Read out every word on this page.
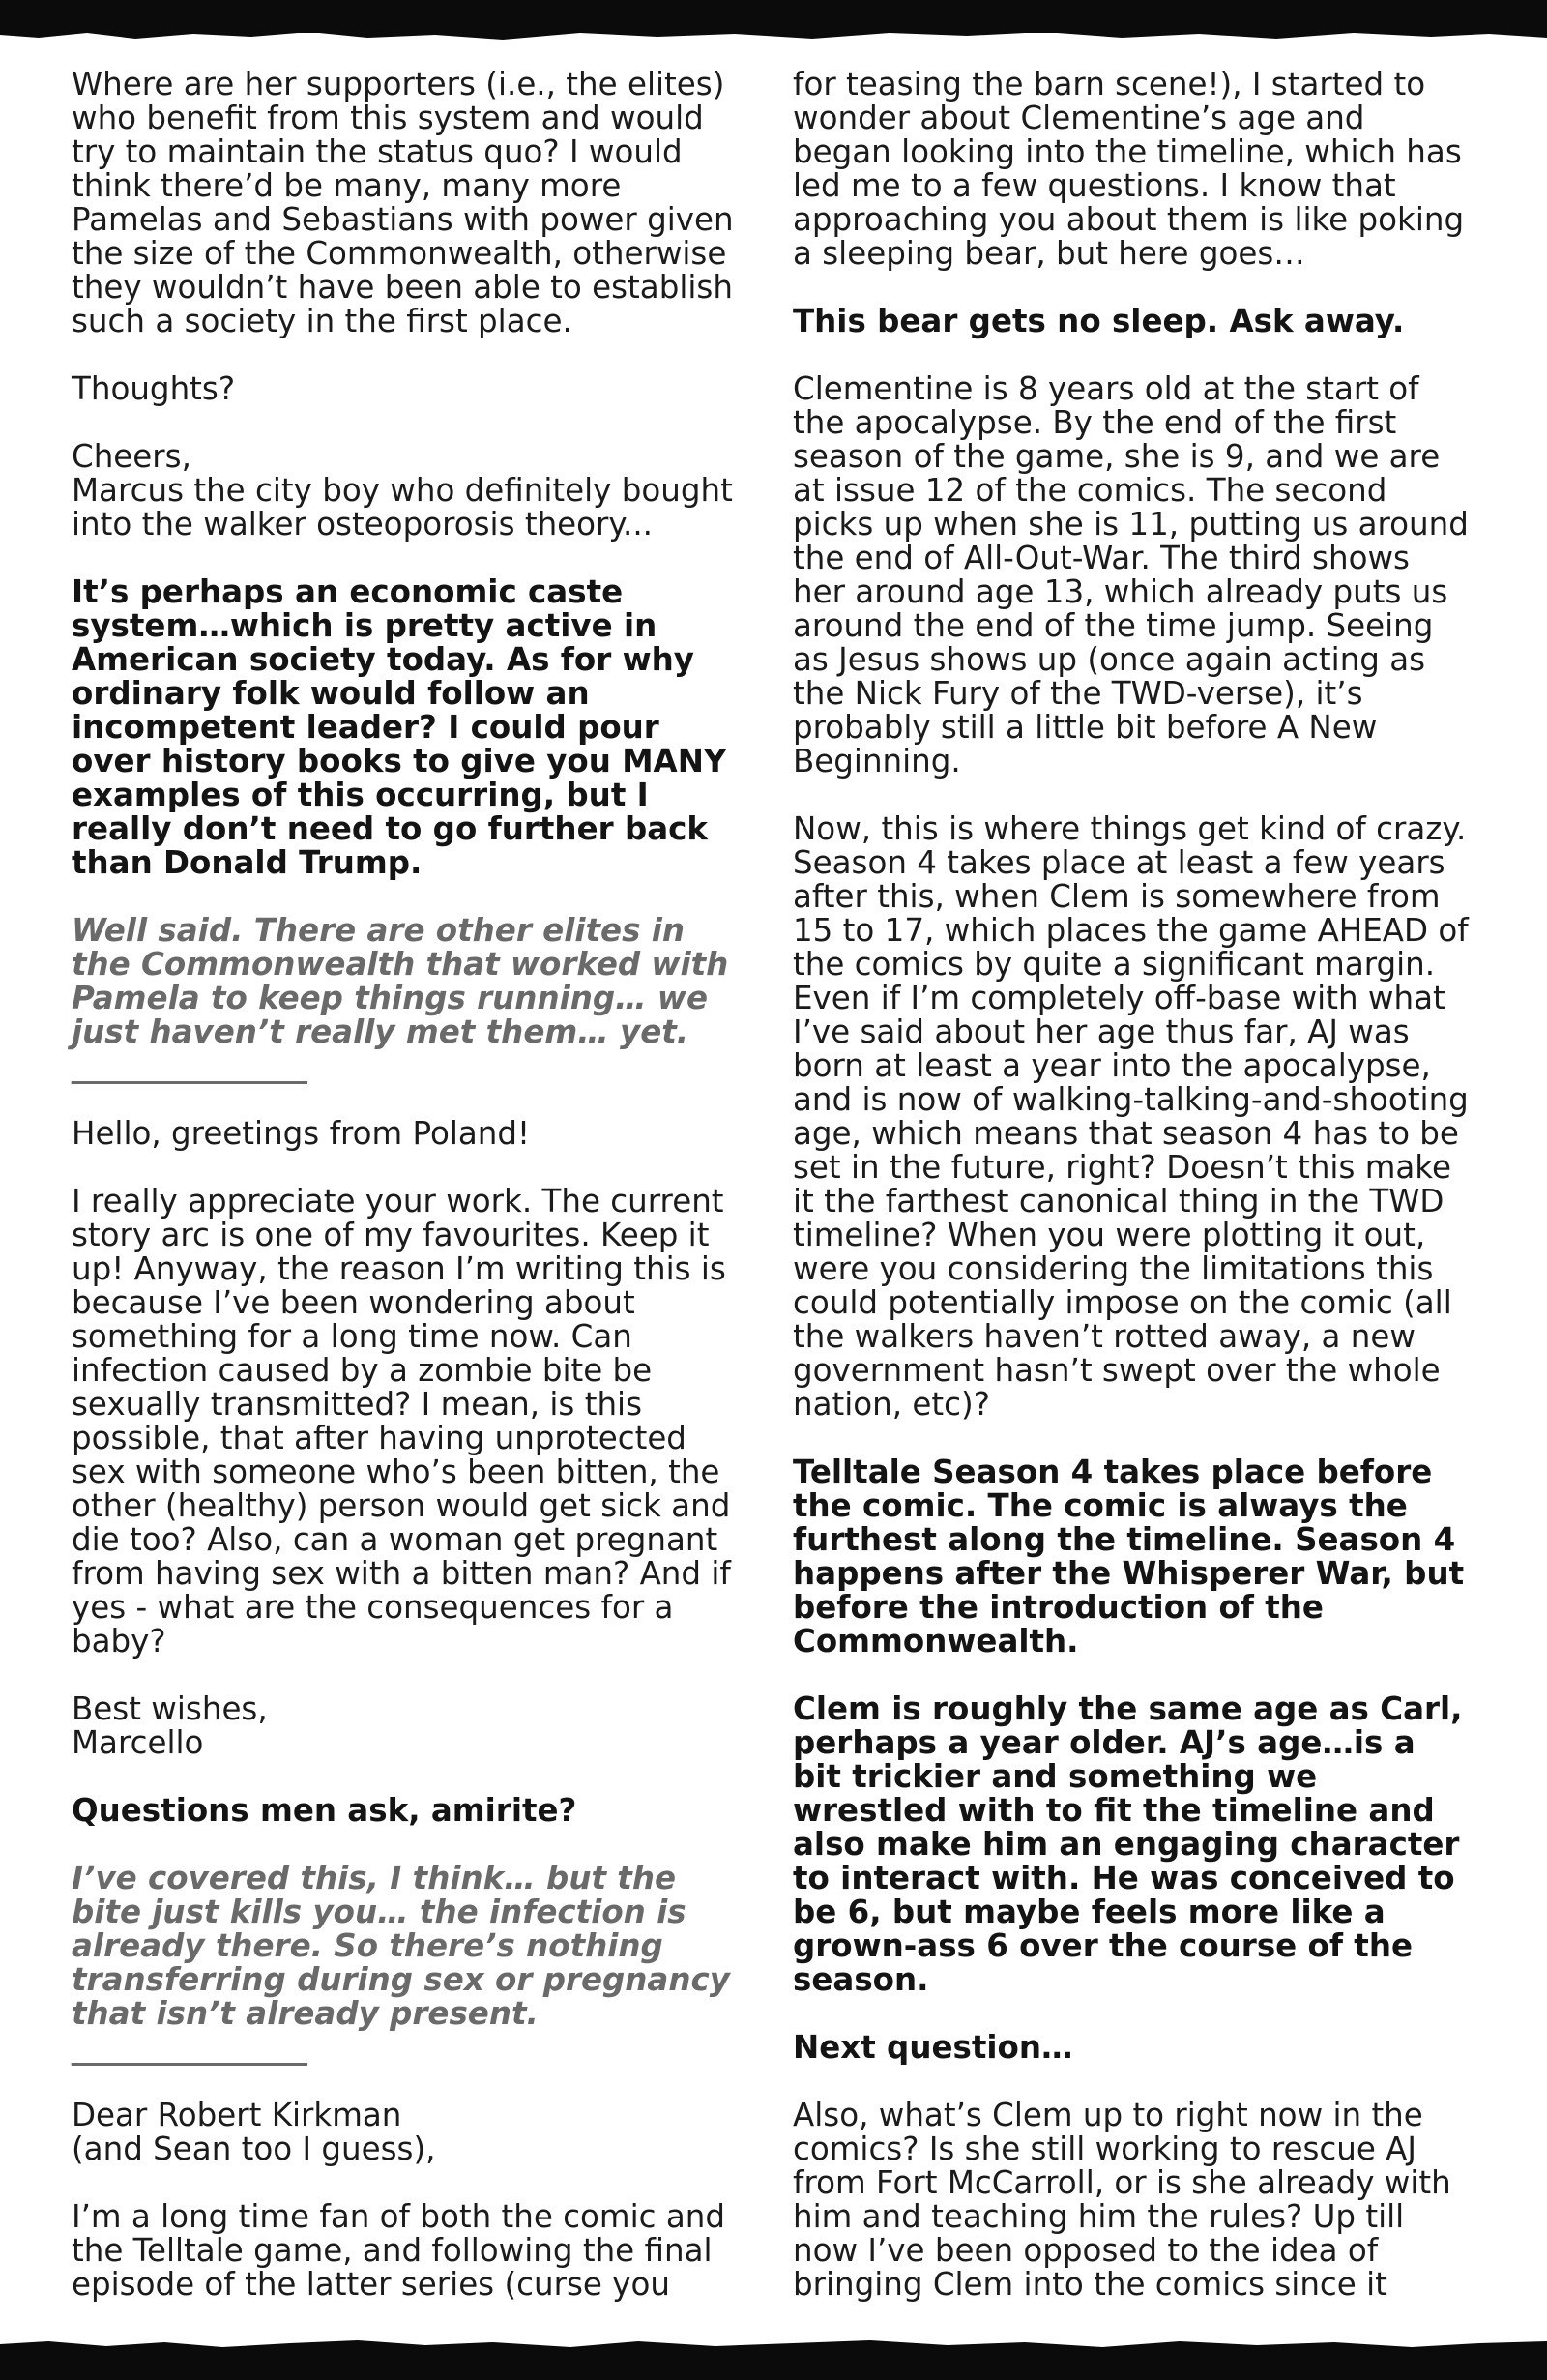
Where are her supporters (i.e., the elites) who benefit from this system and would try to maintain the status quo? I would think there’d be many, many more Pamelas and Sebastians with power given the size of the Commonwealth, otherwise they wouldn’t have been able to establish such a society in the first place.

Thoughts?

Cheers,
Marcus the city boy who definitely bought into the walker osteoporosis theory...

It’s perhaps an economic caste system…which is pretty active in American society today. As for why ordinary folk would follow an incompetent leader? I could pour over history books to give you MANY examples of this occurring, but I really don’t need to go further back than Donald Trump.

Well said. There are other elites in the Commonwealth that worked with Pamela to keep things running… we just haven’t really met them… yet.

_______________

Hello, greetings from Poland!

I really appreciate your work. The current story arc is one of my favourites. Keep it up! Anyway, the reason I’m writing this is because I’ve been wondering about something for a long time now. Can infection caused by a zombie bite be sexually transmitted? I mean, is this possible, that after having unprotected sex with someone who’s been bitten, the other (healthy) person would get sick and die too? Also, can a woman get pregnant from having sex with a bitten man? And if yes - what are the consequences for a baby?

Best wishes,
Marcello

Questions men ask, amirite?

I’ve covered this, I think… but the bite just kills you… the infection is already there. So there’s nothing transferring during sex or pregnancy that isn’t already present.

_______________

Dear Robert Kirkman
(and Sean too I guess),

I’m a long time fan of both the comic and the Telltale game, and following the final episode of the latter series (curse you

for teasing the barn scene!), I started to wonder about Clementine’s age and began looking into the timeline, which has led me to a few questions. I know that approaching you about them is like poking a sleeping bear, but here goes…

This bear gets no sleep. Ask away.

Clementine is 8 years old at the start of the apocalypse. By the end of the first season of the game, she is 9, and we are at issue 12 of the comics. The second picks up when she is 11, putting us around the end of All-Out-War. The third shows her around age 13, which already puts us around the end of the time jump. Seeing as Jesus shows up (once again acting as the Nick Fury of the TWD-verse), it’s probably still a little bit before A New Beginning.

Now, this is where things get kind of crazy. Season 4 takes place at least a few years after this, when Clem is somewhere from 15 to 17, which places the game AHEAD of the comics by quite a significant margin. Even if I’m completely off-base with what I’ve said about her age thus far, AJ was born at least a year into the apocalypse, and is now of walking-talking-and-shooting age, which means that season 4 has to be set in the future, right? Doesn’t this make it the farthest canonical thing in the TWD timeline? When you were plotting it out, were you considering the limitations this could potentially impose on the comic (all the walkers haven’t rotted away, a new government hasn’t swept over the whole nation, etc)?

Telltale Season 4 takes place before the comic. The comic is always the furthest along the timeline. Season 4 happens after the Whisperer War, but before the introduction of the Commonwealth.

Clem is roughly the same age as Carl, perhaps a year older. AJ’s age…is a bit trickier and something we wrestled with to fit the timeline and also make him an engaging character to interact with. He was conceived to be 6, but maybe feels more like a grown-ass 6 over the course of the season.

Next question…

Also, what’s Clem up to right now in the comics? Is she still working to rescue AJ from Fort McCarroll, or is she already with him and teaching him the rules? Up till now I’ve been opposed to the idea of bringing Clem into the comics since it
